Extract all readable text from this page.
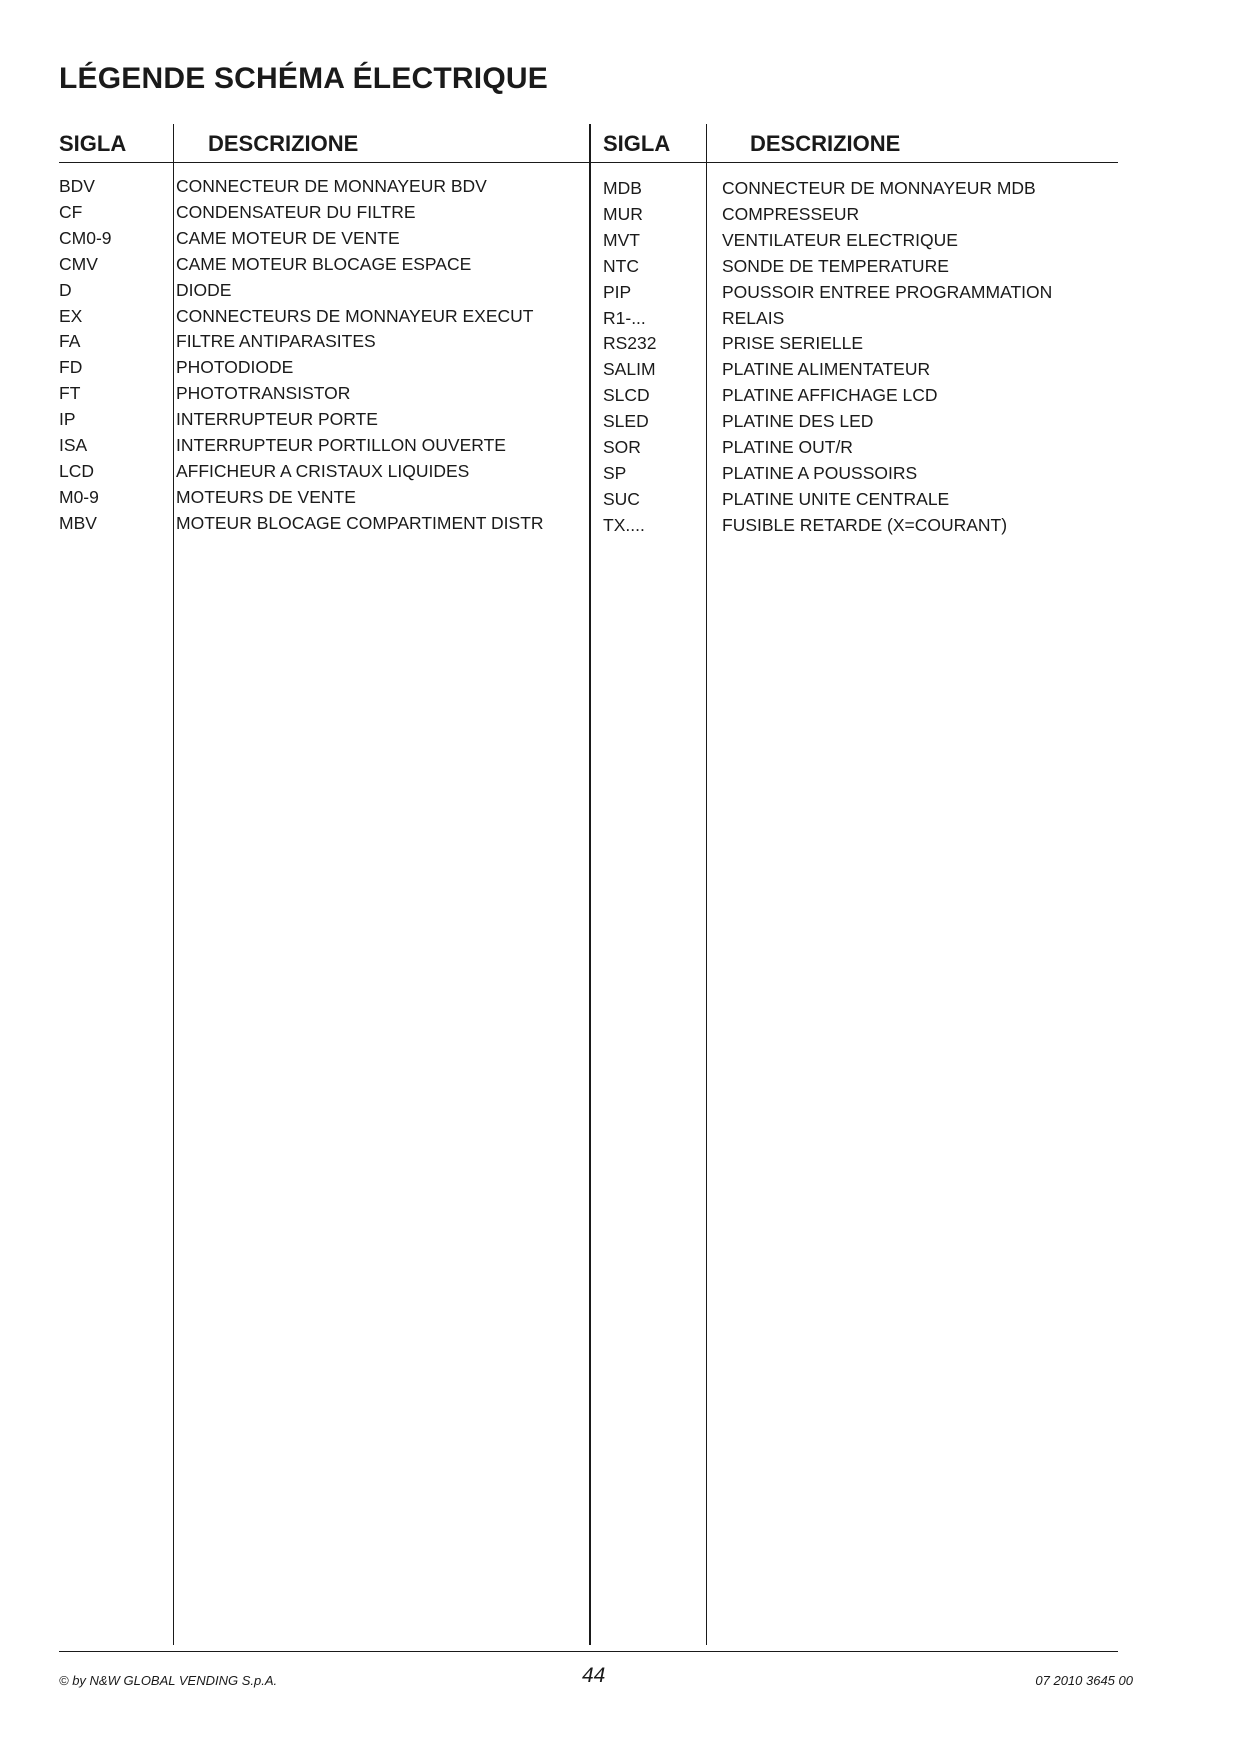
LÉGENDE SCHÉMA ÉLECTRIQUE
SIGLA	DESCRIZIONE	SIGLA	DESCRIZIONE
BDV	CONNECTEUR DE MONNAYEUR BDV
CF	CONDENSATEUR DU FILTRE
CM0-9	CAME MOTEUR DE VENTE
CMV	CAME MOTEUR BLOCAGE ESPACE
D	DIODE
EX	CONNECTEURS DE MONNAYEUR EXECUT
FA	FILTRE ANTIPARASITES
FD	PHOTODIODE
FT	PHOTOTRANSISTOR
IP	INTERRUPTEUR PORTE
ISA	INTERRUPTEUR PORTILLON OUVERTE
LCD	AFFICHEUR A CRISTAUX LIQUIDES
M0-9	MOTEURS DE VENTE
MBV	MOTEUR BLOCAGE COMPARTIMENT DISTR
MDB	CONNECTEUR DE MONNAYEUR MDB
MUR	COMPRESSEUR
MVT	VENTILATEUR ELECTRIQUE
NTC	SONDE DE TEMPERATURE
PIP	POUSSOIR ENTREE PROGRAMMATION
R1-...	RELAIS
RS232	PRISE SERIELLE
SALIM	PLATINE ALIMENTATEUR
SLCD	PLATINE AFFICHAGE LCD
SLED	PLATINE DES LED
SOR	PLATINE OUT/R
SP	PLATINE A POUSSOIRS
SUC	PLATINE UNITE CENTRALE
TX....	FUSIBLE RETARDE (X=COURANT)
© by N&W GLOBAL VENDING S.p.A.	44	07 2010 3645 00
